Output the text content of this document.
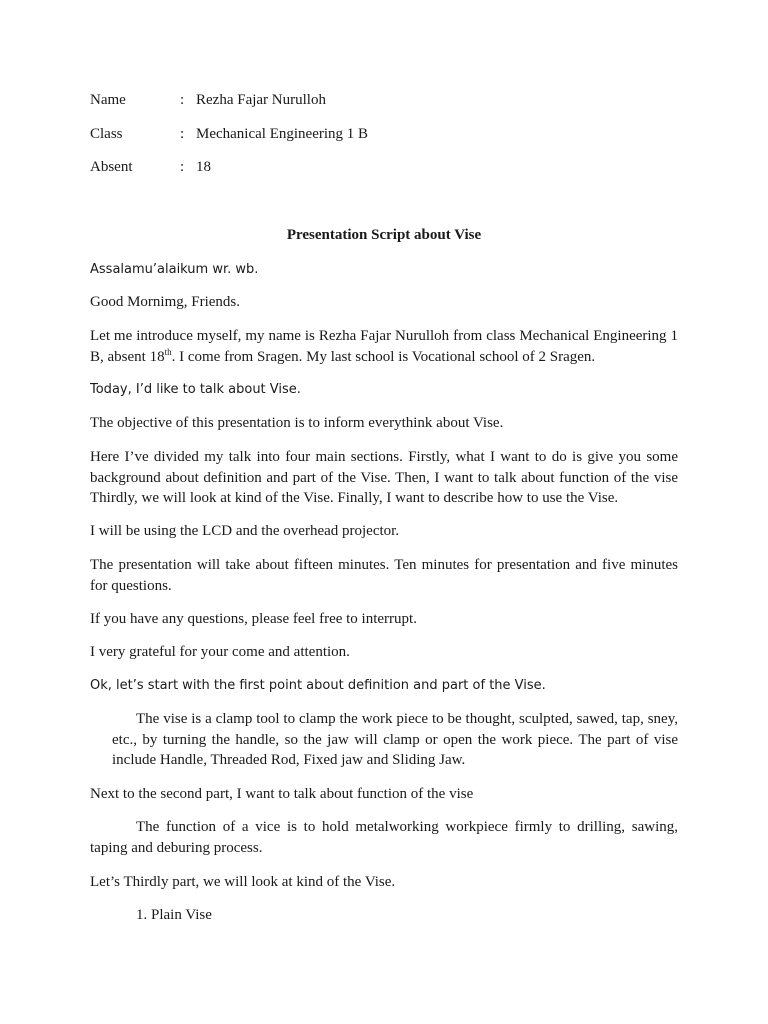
Name	: Rezha Fajar Nurulloh
Class	: Mechanical Engineering 1 B
Absent	: 18
Presentation Script about Vise
Assalamu’alaikum wr. wb.
Good Mornimg, Friends.
Let me introduce myself, my name is Rezha Fajar Nurulloh from class Mechanical Engineering 1 B, absent 18th. I come from Sragen. My last school is Vocational school of 2 Sragen.
Today, I’d like to talk about Vise.
The objective of this presentation is to inform everythink about Vise.
Here I’ve divided my talk into four main sections. Firstly, what I want to do is give you some background about definition and part of the Vise. Then, I want to talk about function of the vise Thirdly, we will look at kind of the Vise. Finally, I want to describe how to use the Vise.
I will be using the LCD and the overhead projector.
The presentation will take about fifteen minutes. Ten minutes for presentation and five minutes for questions.
If you have any questions, please feel free to interrupt.
I very grateful for your come and attention.
Ok, let’s start with the first point about definition and part of the Vise.
The vise is a clamp tool to clamp the work piece to be thought, sculpted, sawed, tap, sney, etc., by turning the handle, so the jaw will clamp or open the work piece. The part of vise include Handle, Threaded Rod, Fixed jaw and Sliding Jaw.
Next to the second part, I want to talk about function of the vise
The function of a vice is to hold metalworking workpiece firmly to drilling, sawing, taping and deburing process.
Let’s Thirdly part, we will look at kind of the Vise.
1. Plain Vise
